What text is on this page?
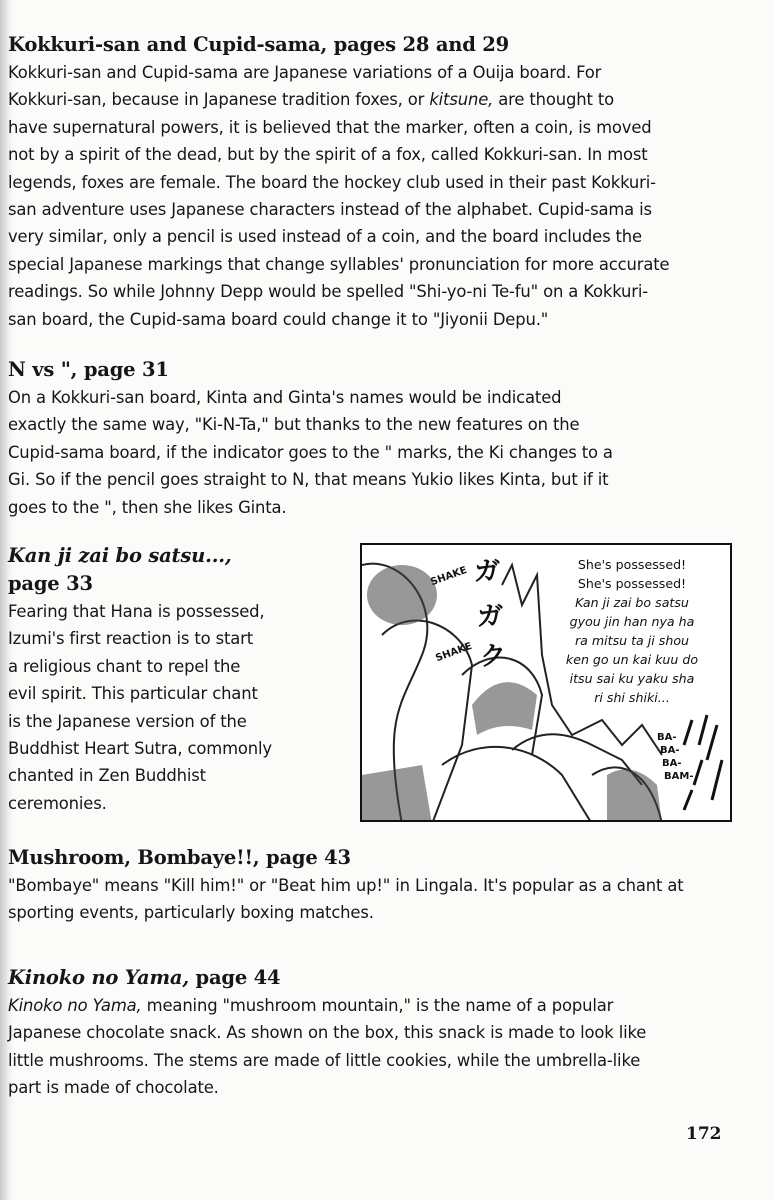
Kokkuri-san and Cupid-sama, pages 28 and 29
Kokkuri-san and Cupid-sama are Japanese variations of a Ouija board. For
Kokkuri-san, because in Japanese tradition foxes, or kitsune, are thought to
have supernatural powers, it is believed that the marker, often a coin, is moved
not by a spirit of the dead, but by the spirit of a fox, called Kokkuri-san. In most
legends, foxes are female. The board the hockey club used in their past Kokkuri-
san adventure uses Japanese characters instead of the alphabet. Cupid-sama is
very similar, only a pencil is used instead of a coin, and the board includes the
special Japanese markings that change syllables' pronunciation for more accurate
readings. So while Johnny Depp would be spelled "Shi-yo-ni Te-fu" on a Kokkuri-
san board, the Cupid-sama board could change it to "Jiyonii Depu."
N vs ", page 31
On a Kokkuri-san board, Kinta and Ginta's names would be indicated
exactly the same way, "Ki-N-Ta," but thanks to the new features on the
Cupid-sama board, if the indicator goes to the " marks, the Ki changes to a
Gi. So if the pencil goes straight to N, that means Yukio likes Kinta, but if it
goes to the ", then she likes Ginta.
Kan ji zai bo satsu...,
page 33
Fearing that Hana is possessed,
Izumi's first reaction is to start
a religious chant to repel the
evil spirit. This particular chant
is the Japanese version of the
Buddhist Heart Sutra, commonly
chanted in Zen Buddhist
ceremonies.
Mushroom, Bombaye!!, page 43
"Bombaye" means "Kill him!" or "Beat him up!" in Lingala. It's popular as a chant at
sporting events, particularly boxing matches.
Kinoko no Yama, page 44
Kinoko no Yama, meaning "mushroom mountain," is the name of a popular
Japanese chocolate snack. As shown on the box, this snack is made to look like
little mushrooms. The stems are made of little cookies, while the umbrella-like
part is made of chocolate.
ガ
ガ
ク
SHAKE
SHAKE
She's possessed!
She's possessed!
Kan ji zai bo satsu
gyou jin han nya ha
ra mitsu ta ji shou
ken go un kai kuu do
itsu sai ku yaku sha
ri shi shiki...
BA-
BA-
BA-
BAM-
172
